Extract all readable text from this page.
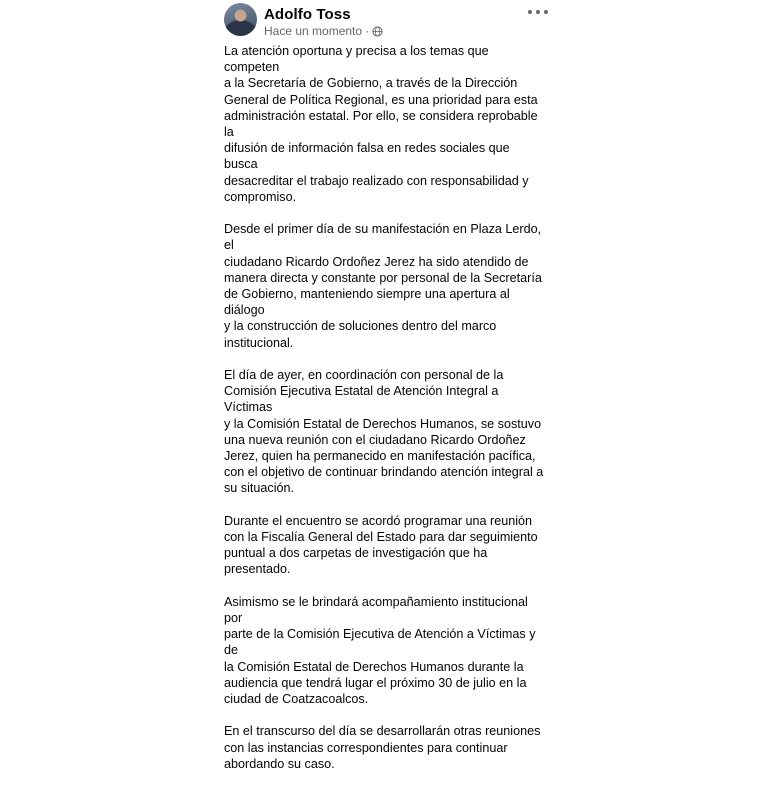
Adolfo Toss
Hace un momento ·

La atención oportuna y precisa a los temas que competen
a la Secretaría de Gobierno, a través de la Dirección
General de Política Regional, es una prioridad para esta
administración estatal. Por ello, se considera reprobable la
difusión de información falsa en redes sociales que busca
desacreditar el trabajo realizado con responsabilidad y
compromiso.

Desde el primer día de su manifestación en Plaza Lerdo, el
ciudadano Ricardo Ordoñez Jerez ha sido atendido de
manera directa y constante por personal de la Secretaría
de Gobierno, manteniendo siempre una apertura al diálogo
y la construcción de soluciones dentro del marco
institucional.

El día de ayer, en coordinación con personal de la
Comisión Ejecutiva Estatal de Atención Integral a Víctimas
y la Comisión Estatal de Derechos Humanos, se sostuvo
una nueva reunión con el ciudadano Ricardo Ordoñez
Jerez, quien ha permanecido en manifestación pacífica,
con el objetivo de continuar brindando atención integral a
su situación.

Durante el encuentro se acordó programar una reunión
con la Fiscalía General del Estado para dar seguimiento
puntual a dos carpetas de investigación que ha
presentado.

Asimismo se le brindará acompañamiento institucional por
parte de la Comisión Ejecutiva de Atención a Víctimas y de
la Comisión Estatal de Derechos Humanos durante la
audiencia que tendrá lugar el próximo 30 de julio en la
ciudad de Coatzacoalcos.

En el transcurso del día se desarrollarán otras reuniones
con las instancias correspondientes para continuar
abordando su caso.
